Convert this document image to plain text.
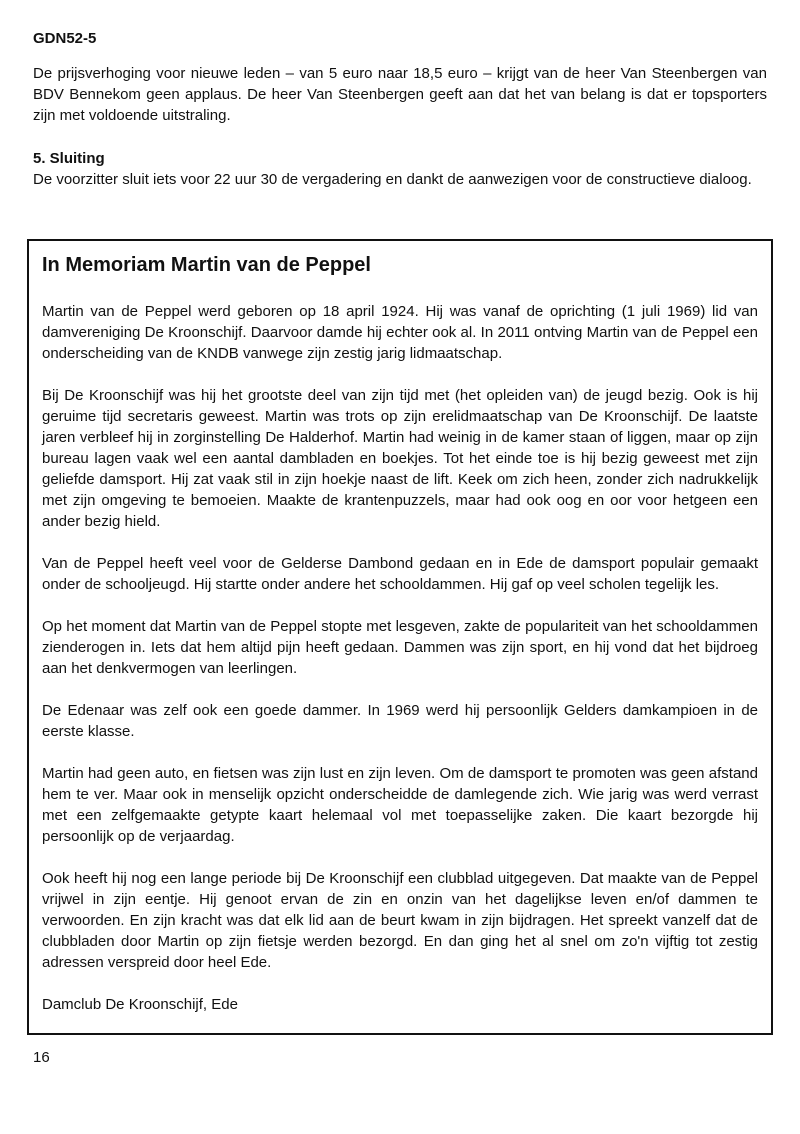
GDN52-5

De prijsverhoging voor nieuwe leden – van 5 euro naar 18,5 euro – krijgt van de heer Van Steenbergen van BDV Bennekom geen applaus. De heer Van Steenbergen geeft aan dat het van belang is dat er topsporters zijn met voldoende uitstraling.

5. Sluiting

De voorzitter sluit iets voor 22 uur 30 de vergadering en dankt de aanwezigen voor de constructieve dialoog.

In Memoriam Martin van de Peppel

Martin van de Peppel werd geboren op 18 april 1924. Hij was vanaf de oprichting (1 juli 1969) lid van damvereniging De Kroonschijf. Daarvoor damde hij echter ook al. In 2011 ontving Martin van de Peppel een onderscheiding van de KNDB vanwege zijn zestig jarig lidmaatschap.

Bij De Kroonschijf was hij het grootste deel van zijn tijd met (het opleiden van) de jeugd bezig. Ook is hij geruime tijd secretaris geweest. Martin was trots op zijn erelidmaatschap van De Kroonschijf. De laatste jaren verbleef hij in zorginstelling De Halderhof. Martin had weinig in de kamer staan of liggen, maar op zijn bureau lagen vaak wel een aantal dambladen en boekjes. Tot het einde toe is hij bezig geweest met zijn geliefde damsport. Hij zat vaak stil in zijn hoekje naast de lift. Keek om zich heen, zonder zich nadrukkelijk met zijn omgeving te bemoeien. Maakte de krantenpuzzels, maar had ook oog en oor voor hetgeen een ander bezig hield.

Van de Peppel heeft veel voor de Gelderse Dambond gedaan en in Ede de damsport populair gemaakt onder de schooljeugd. Hij startte onder andere het schooldammen. Hij gaf op veel scholen tegelijk les.

Op het moment dat Martin van de Peppel stopte met lesgeven, zakte de populariteit van het schooldammen zienderogen in. Iets dat hem altijd pijn heeft gedaan. Dammen was zijn sport, en hij vond dat het bijdroeg aan het denkvermogen van leerlingen.

De Edenaar was zelf ook een goede dammer. In 1969 werd hij persoonlijk Gelders damkampioen in de eerste klasse.

Martin had geen auto, en fietsen was zijn lust en zijn leven. Om de damsport te promoten was geen afstand hem te ver. Maar ook in menselijk opzicht onderscheidde de damlegende zich. Wie jarig was werd verrast met een zelfgemaakte getypte kaart helemaal vol met toepasselijke zaken. Die kaart bezorgde hij persoonlijk op de verjaardag.

Ook heeft hij nog een lange periode bij De Kroonschijf een clubblad uitgegeven. Dat maakte van de Peppel vrijwel in zijn eentje. Hij genoot ervan de zin en onzin van het dagelijkse leven en/of dammen te verwoorden. En zijn kracht was dat elk lid aan de beurt kwam in zijn bijdragen. Het spreekt vanzelf dat de clubbladen door Martin op zijn fietsje werden bezorgd. En dan ging het al snel om zo'n vijftig tot zestig adressen verspreid door heel Ede.

Damclub De Kroonschijf, Ede

16
